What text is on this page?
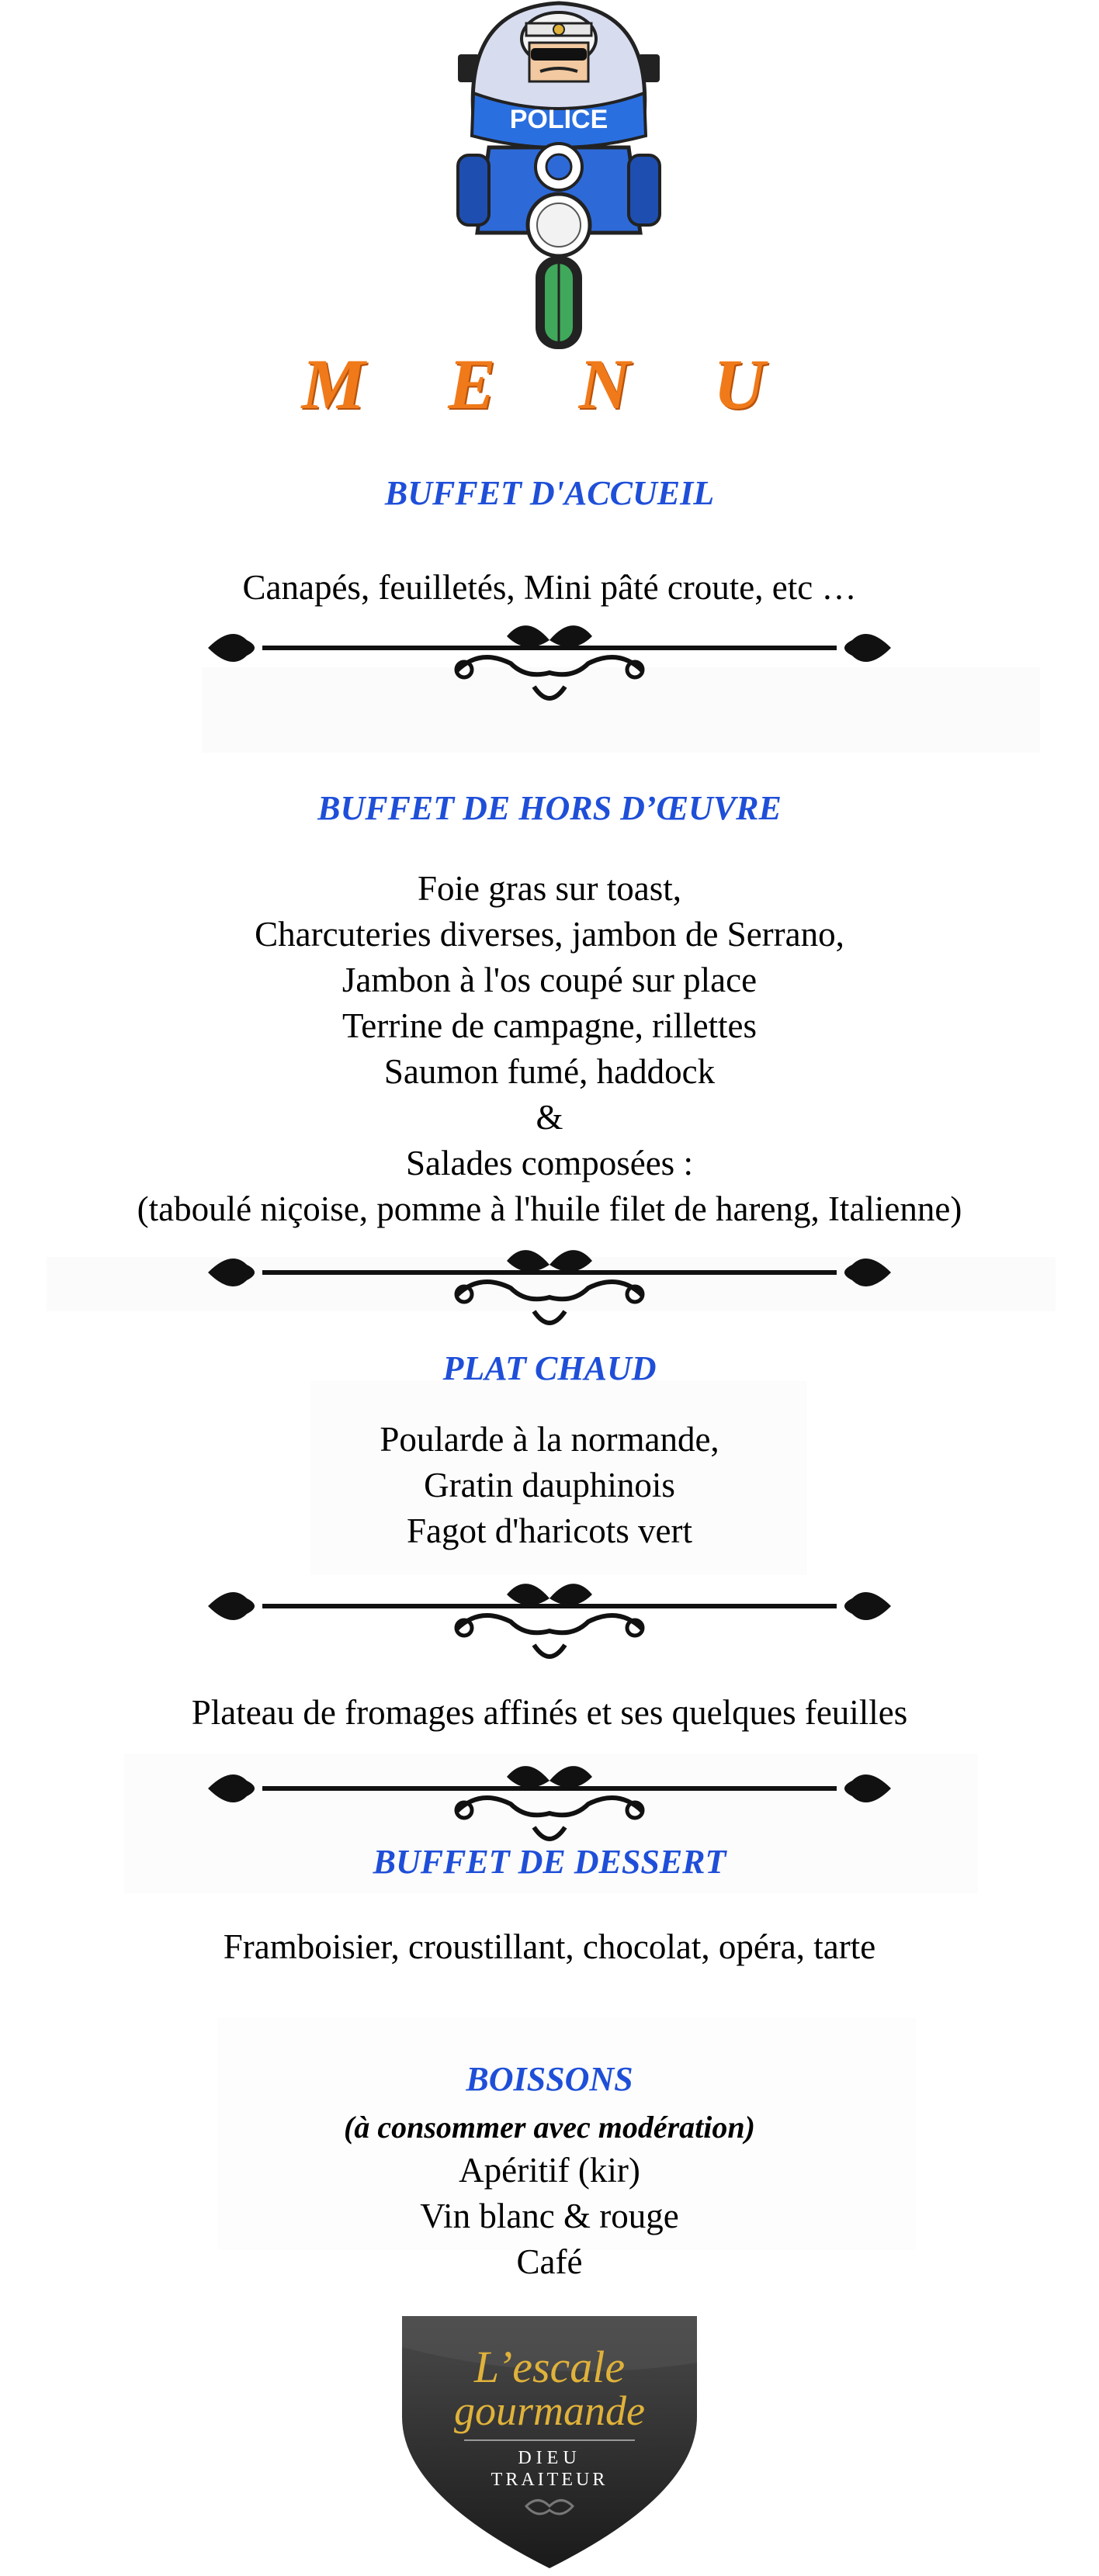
POLICE
M E N U
BUFFET D'ACCUEIL
Canapés, feuilletés, Mini pâté croute, etc …
BUFFET DE HORS D’ŒUVRE
Foie gras sur toast,
Charcuteries diverses, jambon de Serrano,
Jambon à l'os coupé sur place
Terrine de campagne, rillettes
Saumon fumé, haddock
&
Salades composées :
(taboulé niçoise, pomme à l'huile filet de hareng, Italienne)
PLAT CHAUD
Poularde à la normande,
Gratin dauphinois
Fagot d'haricots vert
Plateau de fromages affinés et ses quelques feuilles
BUFFET DE DESSERT
Framboisier, croustillant, chocolat, opéra, tarte
BOISSONS
(à consommer avec modération)
Apéritif (kir)
Vin blanc & rouge
Café
L’escale
gourmande
DIEU
TRAITEUR
